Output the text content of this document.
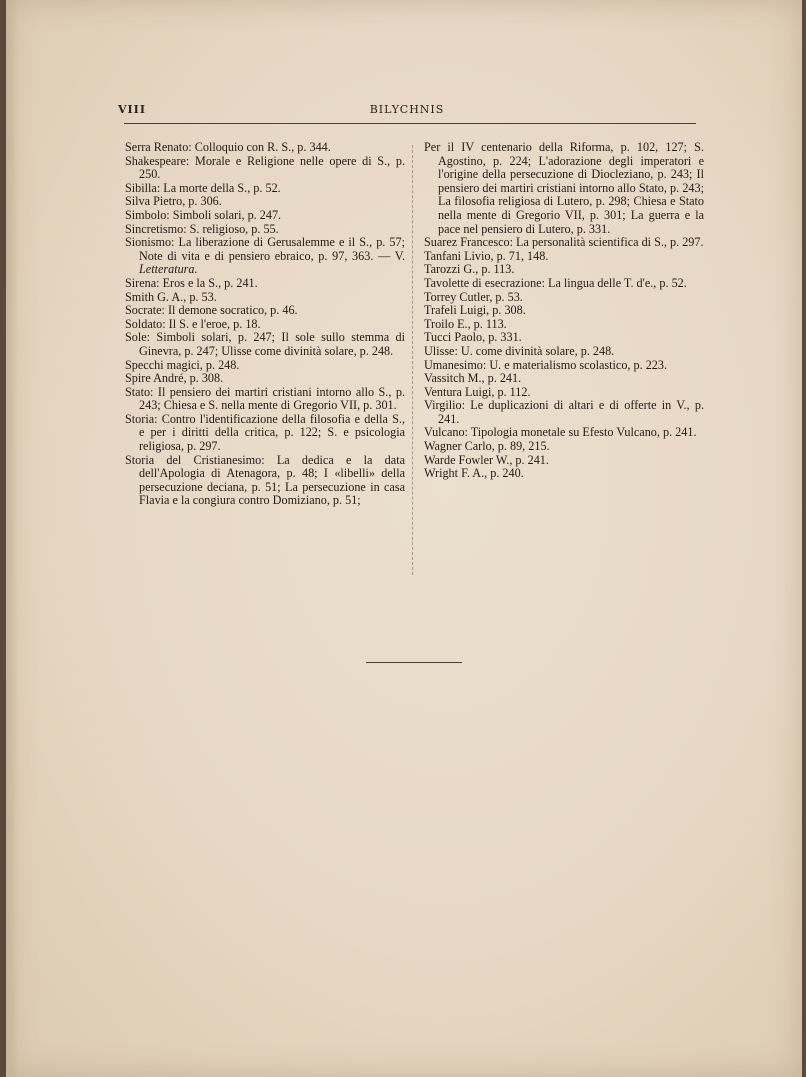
VIII	BILYCHNIS
Serra Renato: Colloquio con R. S., p. 344.
Shakespeare: Morale e Religione nelle opere di S., p. 250.
Sibilla: La morte della S., p. 52.
Silva Pietro, p. 306.
Simbolo: Simboli solari, p. 247.
Sincretismo: S. religioso, p. 55.
Sionismo: La liberazione di Gerusalemme e il S., p. 57; Note di vita e di pensiero ebraico, p. 97, 363. — V. Letteratura.
Sirena: Eros e la S., p. 241.
Smith G. A., p. 53.
Socrate: Il demone socratico, p. 46.
Soldato: Il S. e l'eroe, p. 18.
Sole: Simboli solari, p. 247; Il sole sullo stemma di Ginevra, p. 247; Ulisse come divinità solare, p. 248.
Specchi magici, p. 248.
Spire André, p. 308.
Stato: Il pensiero dei martiri cristiani intorno allo S., p. 243; Chiesa e S. nella mente di Gregorio VII, p. 301.
Storia: Contro l'identificazione della filosofia e della S., e per i diritti della critica, p. 122; S. e psicologia religiosa, p. 297.
Storia del Cristianesimo: La dedica e la data dell'Apologia di Atenagora, p. 48; I «libelli» della persecuzione deciana, p. 51; La persecuzione in casa Flavia e la congiura contro Domiziano, p. 51;
Per il IV centenario della Riforma, p. 102, 127; S. Agostino, p. 224; L'adorazione degli imperatori e l'origine della persecuzione di Diocleziano, p. 243; Il pensiero dei martiri cristiani intorno allo Stato, p. 243; La filosofia religiosa di Lutero, p. 298; Chiesa e Stato nella mente di Gregorio VII, p. 301; La guerra e la pace nel pensiero di Lutero, p. 331.
Suarez Francesco: La personalità scientifica di S., p. 297.
Tanfani Livio, p. 71, 148.
Tarozzi G., p. 113.
Tavolette di esecrazione: La lingua delle T. d'e., p. 52.
Torrey Cutler, p. 53.
Trafeli Luigi, p. 308.
Troilo E., p. 113.
Tucci Paolo, p. 331.
Ulisse: U. come divinità solare, p. 248.
Umanesimo: U. e materialismo scolastico, p. 223.
Vassitch M., p. 241.
Ventura Luigi, p. 112.
Virgilio: Le duplicazioni di altari e di offerte in V., p. 241.
Vulcano: Tipologia monetale su Efesto Vulcano, p. 241.
Wagner Carlo, p. 89, 215.
Warde Fowler W., p. 241.
Wright F. A., p. 240.
